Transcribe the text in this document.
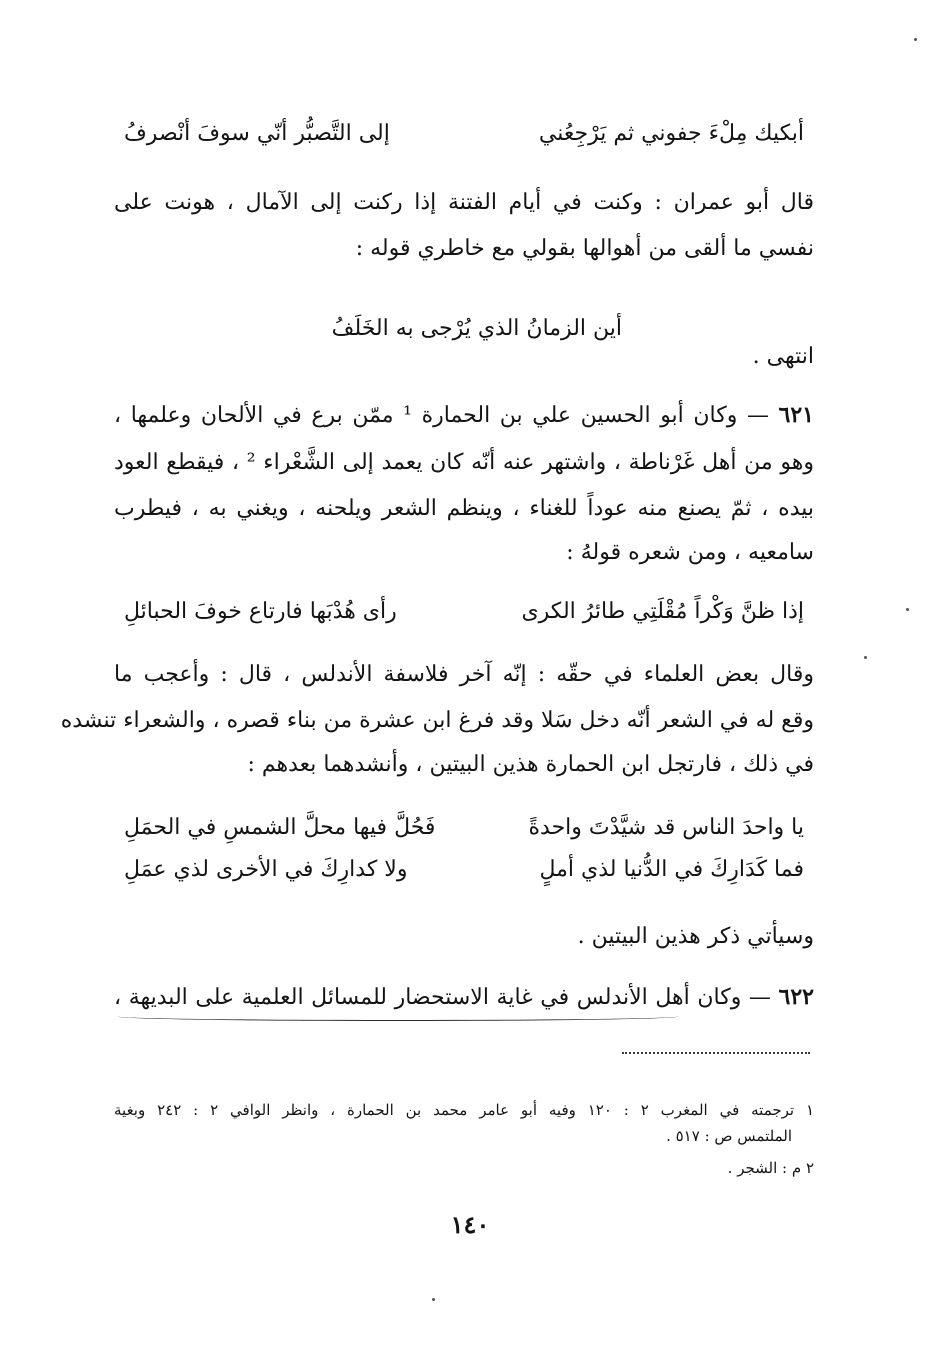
أبكيك مِلْءَ جفوني ثم يَرْجِعُني
إلى التَّصبُّر أنّي سوفَ أنْصرفُ

قال أبو عمران : وكنت في أيام الفتنة إذا ركنت إلى الآمال ، هونت على

نفسي ما ألقى من أهوالها بقولي مع خاطري قوله :

أين الزمانُ الذي يُرْجى به الخَلَفُ

انتهى .

٦٢١ — وكان أبو الحسين علي بن الحمارة ¹ ممّن برع في الألحان وعلمها ،

وهو من أهل غَرْناطة ، واشتهر عنه أنّه كان يعمد إلى الشَّعْراء ² ، فيقطع العود

بيده ، ثمّ يصنع منه عوداً للغناء ، وينظم الشعر ويلحنه ، ويغني به ، فيطرب

سامعيه ، ومن شعره قولهُ :

إذا ظنَّ وَكْراً مُقْلَتِي طائرُ الكرى
رأى هُدْبَها فارتاع خوفَ الحبائلِ

وقال بعض العلماء في حقّه : إنّه آخر فلاسفة الأندلس ، قال : وأعجب ما

وقع له في الشعر أنّه دخل سَلا وقد فرغ ابن عشرة من بناء قصره ، والشعراء تنشده

في ذلك ، فارتجل ابن الحمارة هذين البيتين ، وأنشدهما بعدهم :

يا واحدَ الناس قد شيَّدْتَ واحدةً
فَحُلَّ فيها محلَّ الشمسِ في الحمَلِ
فما كَدَارِكَ في الدُّنيا لذي أملٍ
ولا كدارِكَ في الأخرى لذي عمَلِ

وسيأتي ذكر هذين البيتين .

٦٢٢ — وكان أهل الأندلس في غاية الاستحضار للمسائل العلمية على البديهة ،

١ ترجمته في المغرب ٢ : ١٢٠ وفيه أبو عامر محمد بن الحمارة ، وانظر الوافي ٢ : ٢٤٢ وبغية

الملتمس ص : ٥١٧ .

٢ م : الشجر .

١٤٠
